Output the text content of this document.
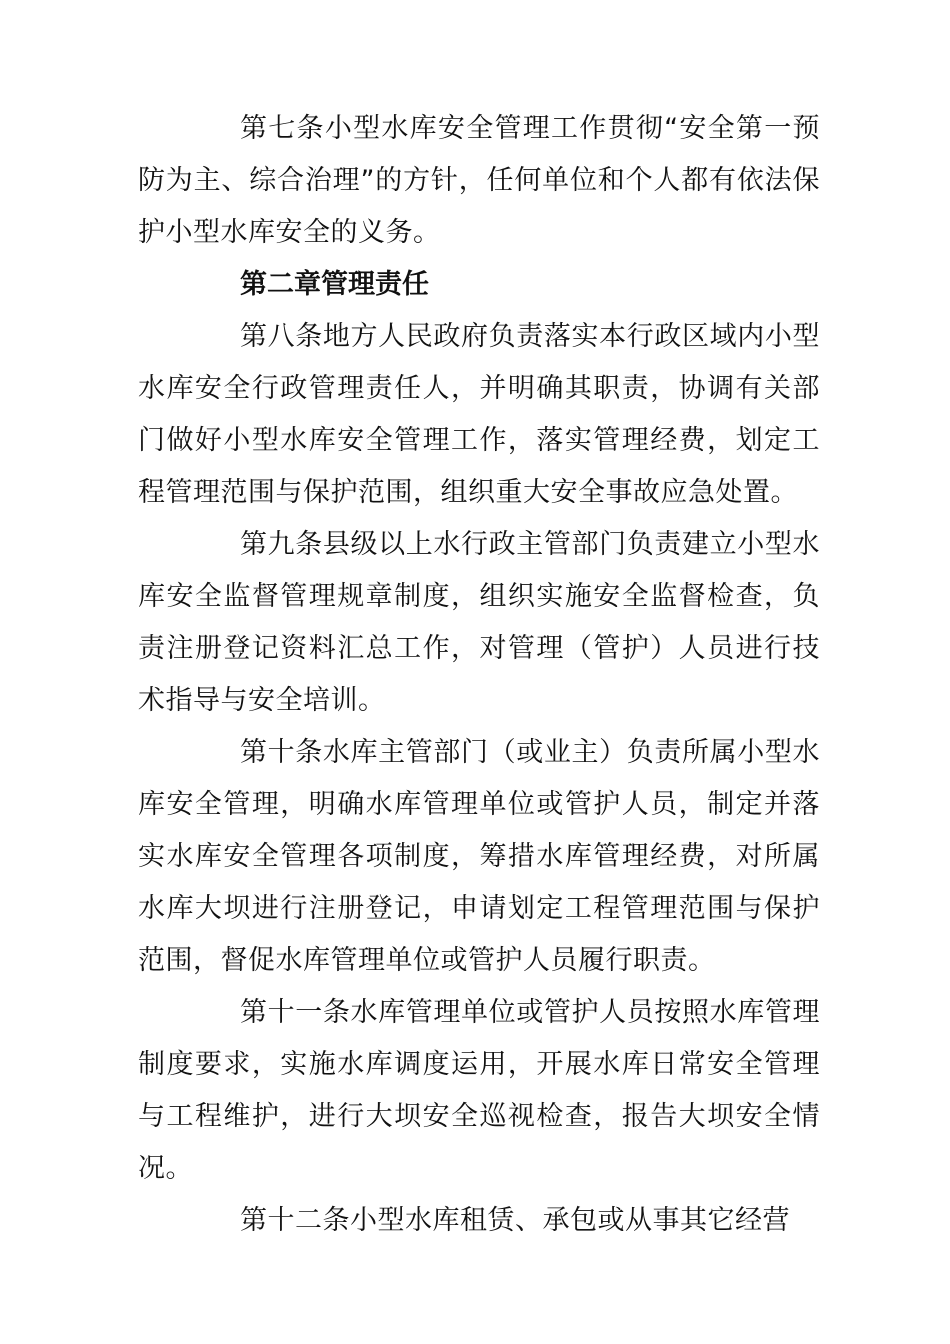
第七条小型水库安全管理工作贯彻“安全第一预防为主、综合治理”的方针，任何单位和个人都有依法保护小型水库安全的义务。

第二章管理责任

第八条地方人民政府负责落实本行政区域内小型水库安全行政管理责任人，并明确其职责，协调有关部门做好小型水库安全管理工作，落实管理经费，划定工程管理范围与保护范围，组织重大安全事故应急处置。

第九条县级以上水行政主管部门负责建立小型水库安全监督管理规章制度，组织实施安全监督检查，负责注册登记资料汇总工作，对管理（管护）人员进行技术指导与安全培训。

第十条水库主管部门（或业主）负责所属小型水库安全管理，明确水库管理单位或管护人员，制定并落实水库安全管理各项制度，筹措水库管理经费，对所属水库大坝进行注册登记，申请划定工程管理范围与保护范围，督促水库管理单位或管护人员履行职责。

第十一条水库管理单位或管护人员按照水库管理制度要求，实施水库调度运用，开展水库日常安全管理与工程维护，进行大坝安全巡视检查，报告大坝安全情况。

第十二条小型水库租赁、承包或从事其它经营
